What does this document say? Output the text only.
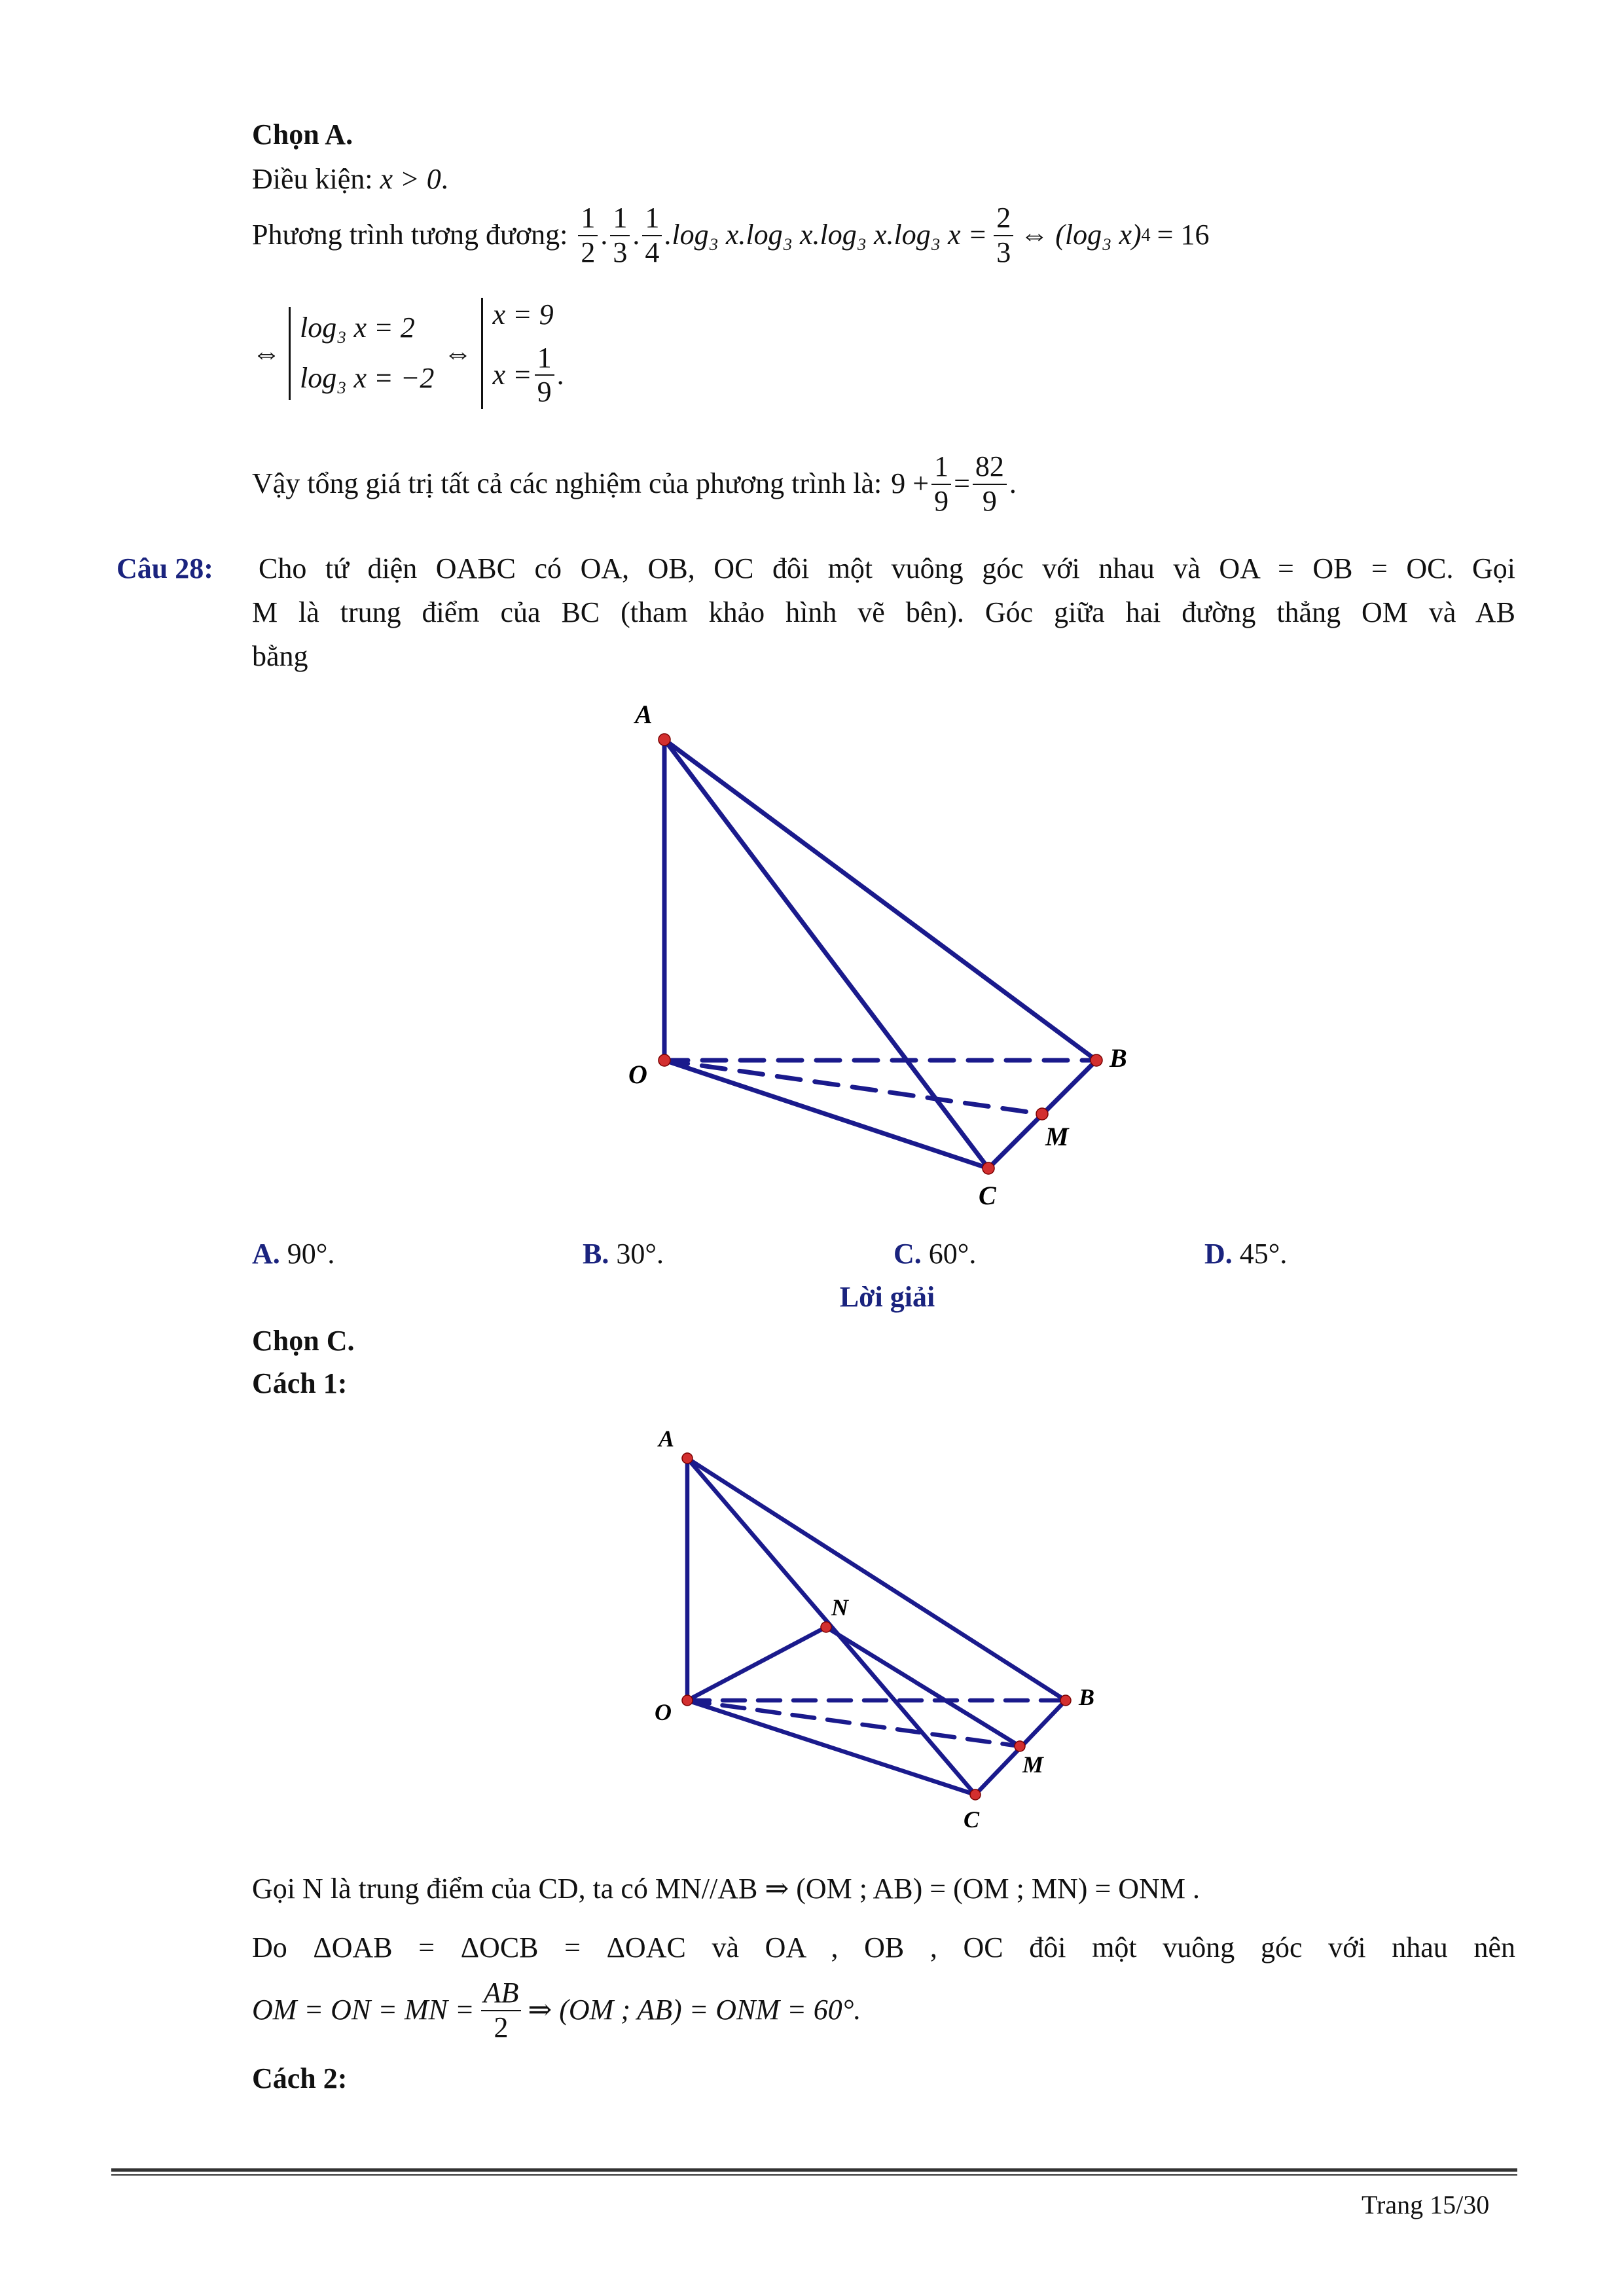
Chọn A.
Điều kiện: x > 0.
Phương trình tương đương: $\frac{1}{2}$ . $\frac{1}{3}$ . $\frac{1}{4} .\log_3$ x.log₃ x.log₃ x.log₃ $x = \frac{2}{3}$ ⇔ (log₃ x) 4 = 16
⇔
log₃ x = 2
log₃ x = −2
⇔
x = 9
$x = \frac{1}{9}$ .
Vậy tổng giá trị tất cả các nghiệm của phương trình là: $9 + \frac{1}{9} = \frac{82}{9}$ .
Câu 28: Cho tứ diện OABC có OA, OB, OC đôi một vuông góc với nhau và OA = OB = OC. Gọi
M là trung điểm của BC (tham khảo hình vẽ bên). Góc giữa hai đường thẳng OM và AB
bằng
A
O
B
M
C
A. 90°.	B. 30°.	C. 60°.	D. 45°.
Lời giải
Chọn C.
Cách 1:
A
O
B
M
C
N
Gọi N là trung điểm của CD, ta có MN//AB ⇒ (OM ; AB) = (OM ; MN) = ONM .
Do ΔOAB = ΔOCB = ΔOAC và OA , OB , OC đôi một vuông góc với nhau nên
OM = ON = MN = $\frac{AB}{2}$ ⇒ (OM ; AB) = ONM = 60°.
Cách 2:
Trang 15/30
